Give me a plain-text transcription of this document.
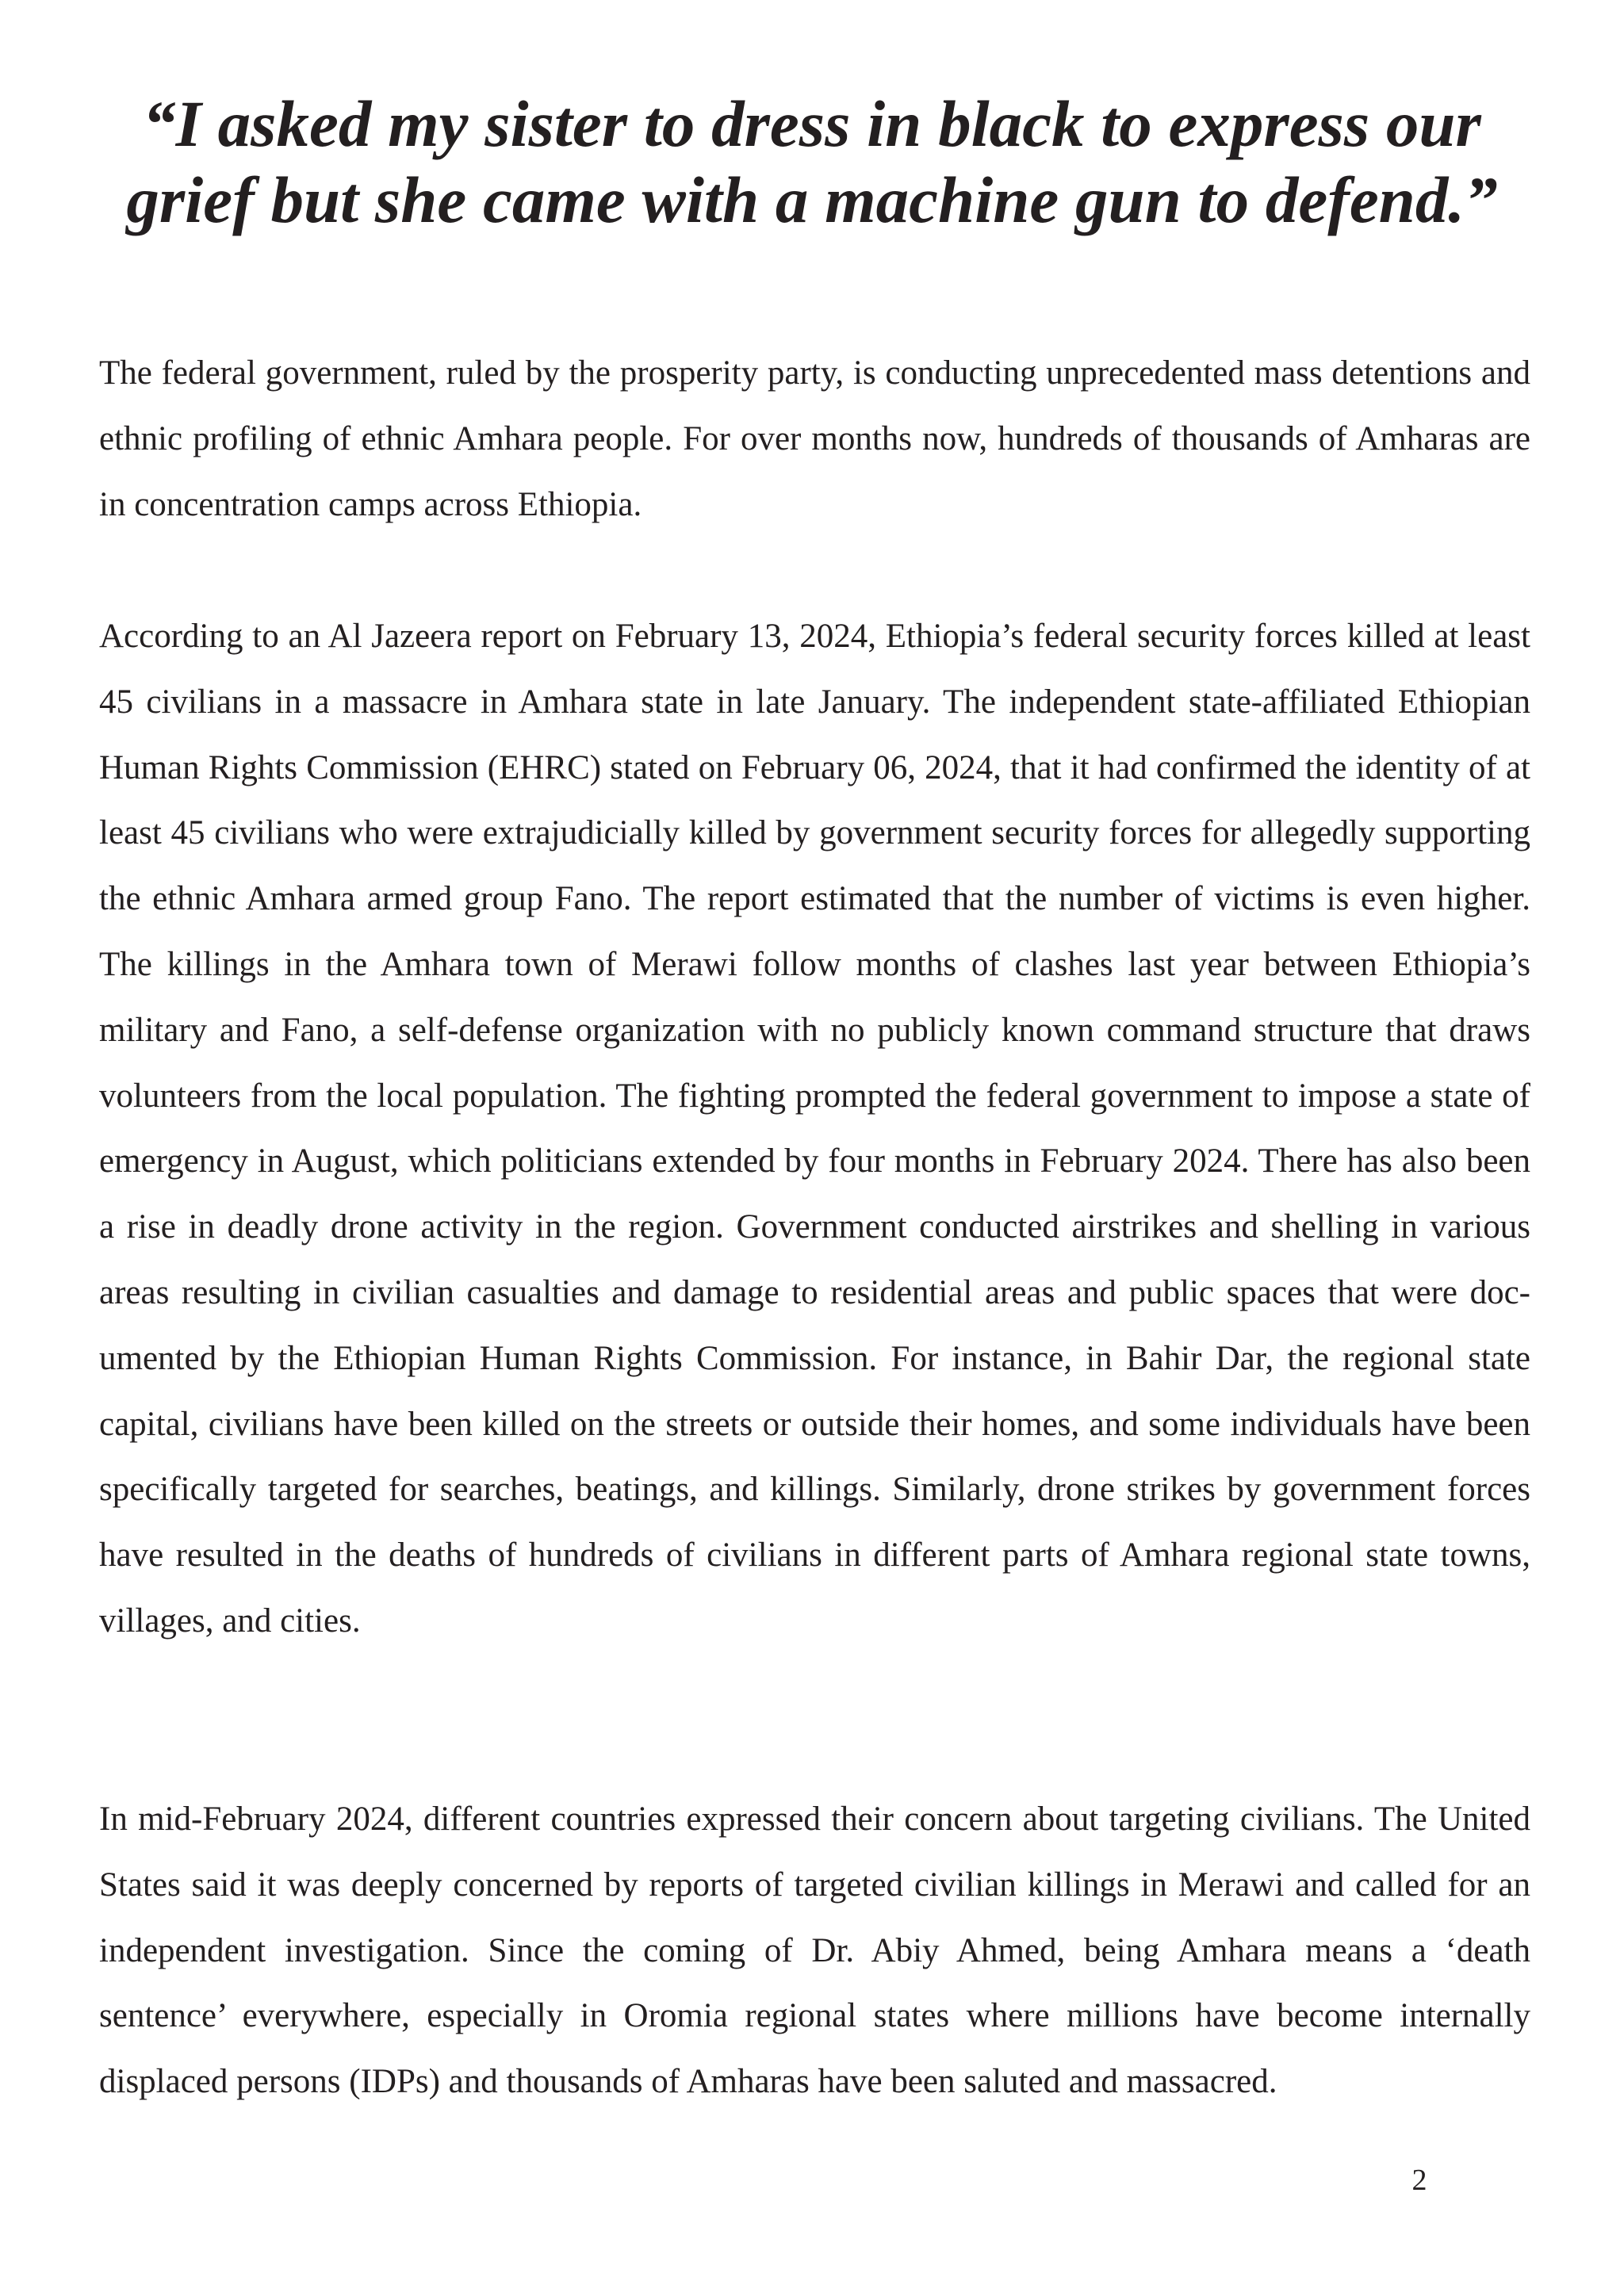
“I asked my sister to dress in black to express our
grief but she came with a machine gun to defend.”

The federal government, ruled by the prosperity party, is conducting unprecedented mass detentions and ethnic profiling of ethnic Amhara people. For over months now, hundreds of thousands of Amharas are in concentration camps across Ethiopia.

According to an Al Jazeera report on February 13, 2024, Ethiopia’s federal security forces killed at least 45 civilians in a massacre in Amhara state in late January. The independent state-affiliated Ethiopian Human Rights Commission (EHRC) stated on February 06, 2024, that it had confirmed the identity of at least 45 civilians who were extrajudicially killed by government security forces for allegedly supporting the ethnic Amhara armed group Fano. The report estimated that the number of victims is even higher. The killings in the Amhara town of Merawi follow months of clashes last year between Ethiopia’s military and Fano, a self-defense organization with no publicly known command structure that draws volunteers from the local population. The fighting prompted the federal government to impose a state of emergency in August, which politicians extended by four months in February 2024. There has also been a rise in deadly drone activity in the region. Government conducted airstrikes and shelling in various areas resulting in civilian casualties and damage to residential areas and public spaces that were documented by the Ethiopian Human Rights Commission. For instance, in Bahir Dar, the regional state capital, civilians have been killed on the streets or outside their homes, and some individuals have been specifically targeted for searches, beatings, and killings. Similarly, drone strikes by government forces have resulted in the deaths of hundreds of civilians in different parts of Amhara regional state towns, villages, and cities.

In mid-February 2024, different countries expressed their concern about targeting civilians. The United States said it was deeply concerned by reports of targeted civilian killings in Merawi and called for an independent investigation. Since the coming of Dr. Abiy Ahmed, being Amhara means a ‘death sentence’ everywhere, especially in Oromia regional states where millions have become internally displaced persons (IDPs) and thousands of Amharas have been saluted and massacred.

2
